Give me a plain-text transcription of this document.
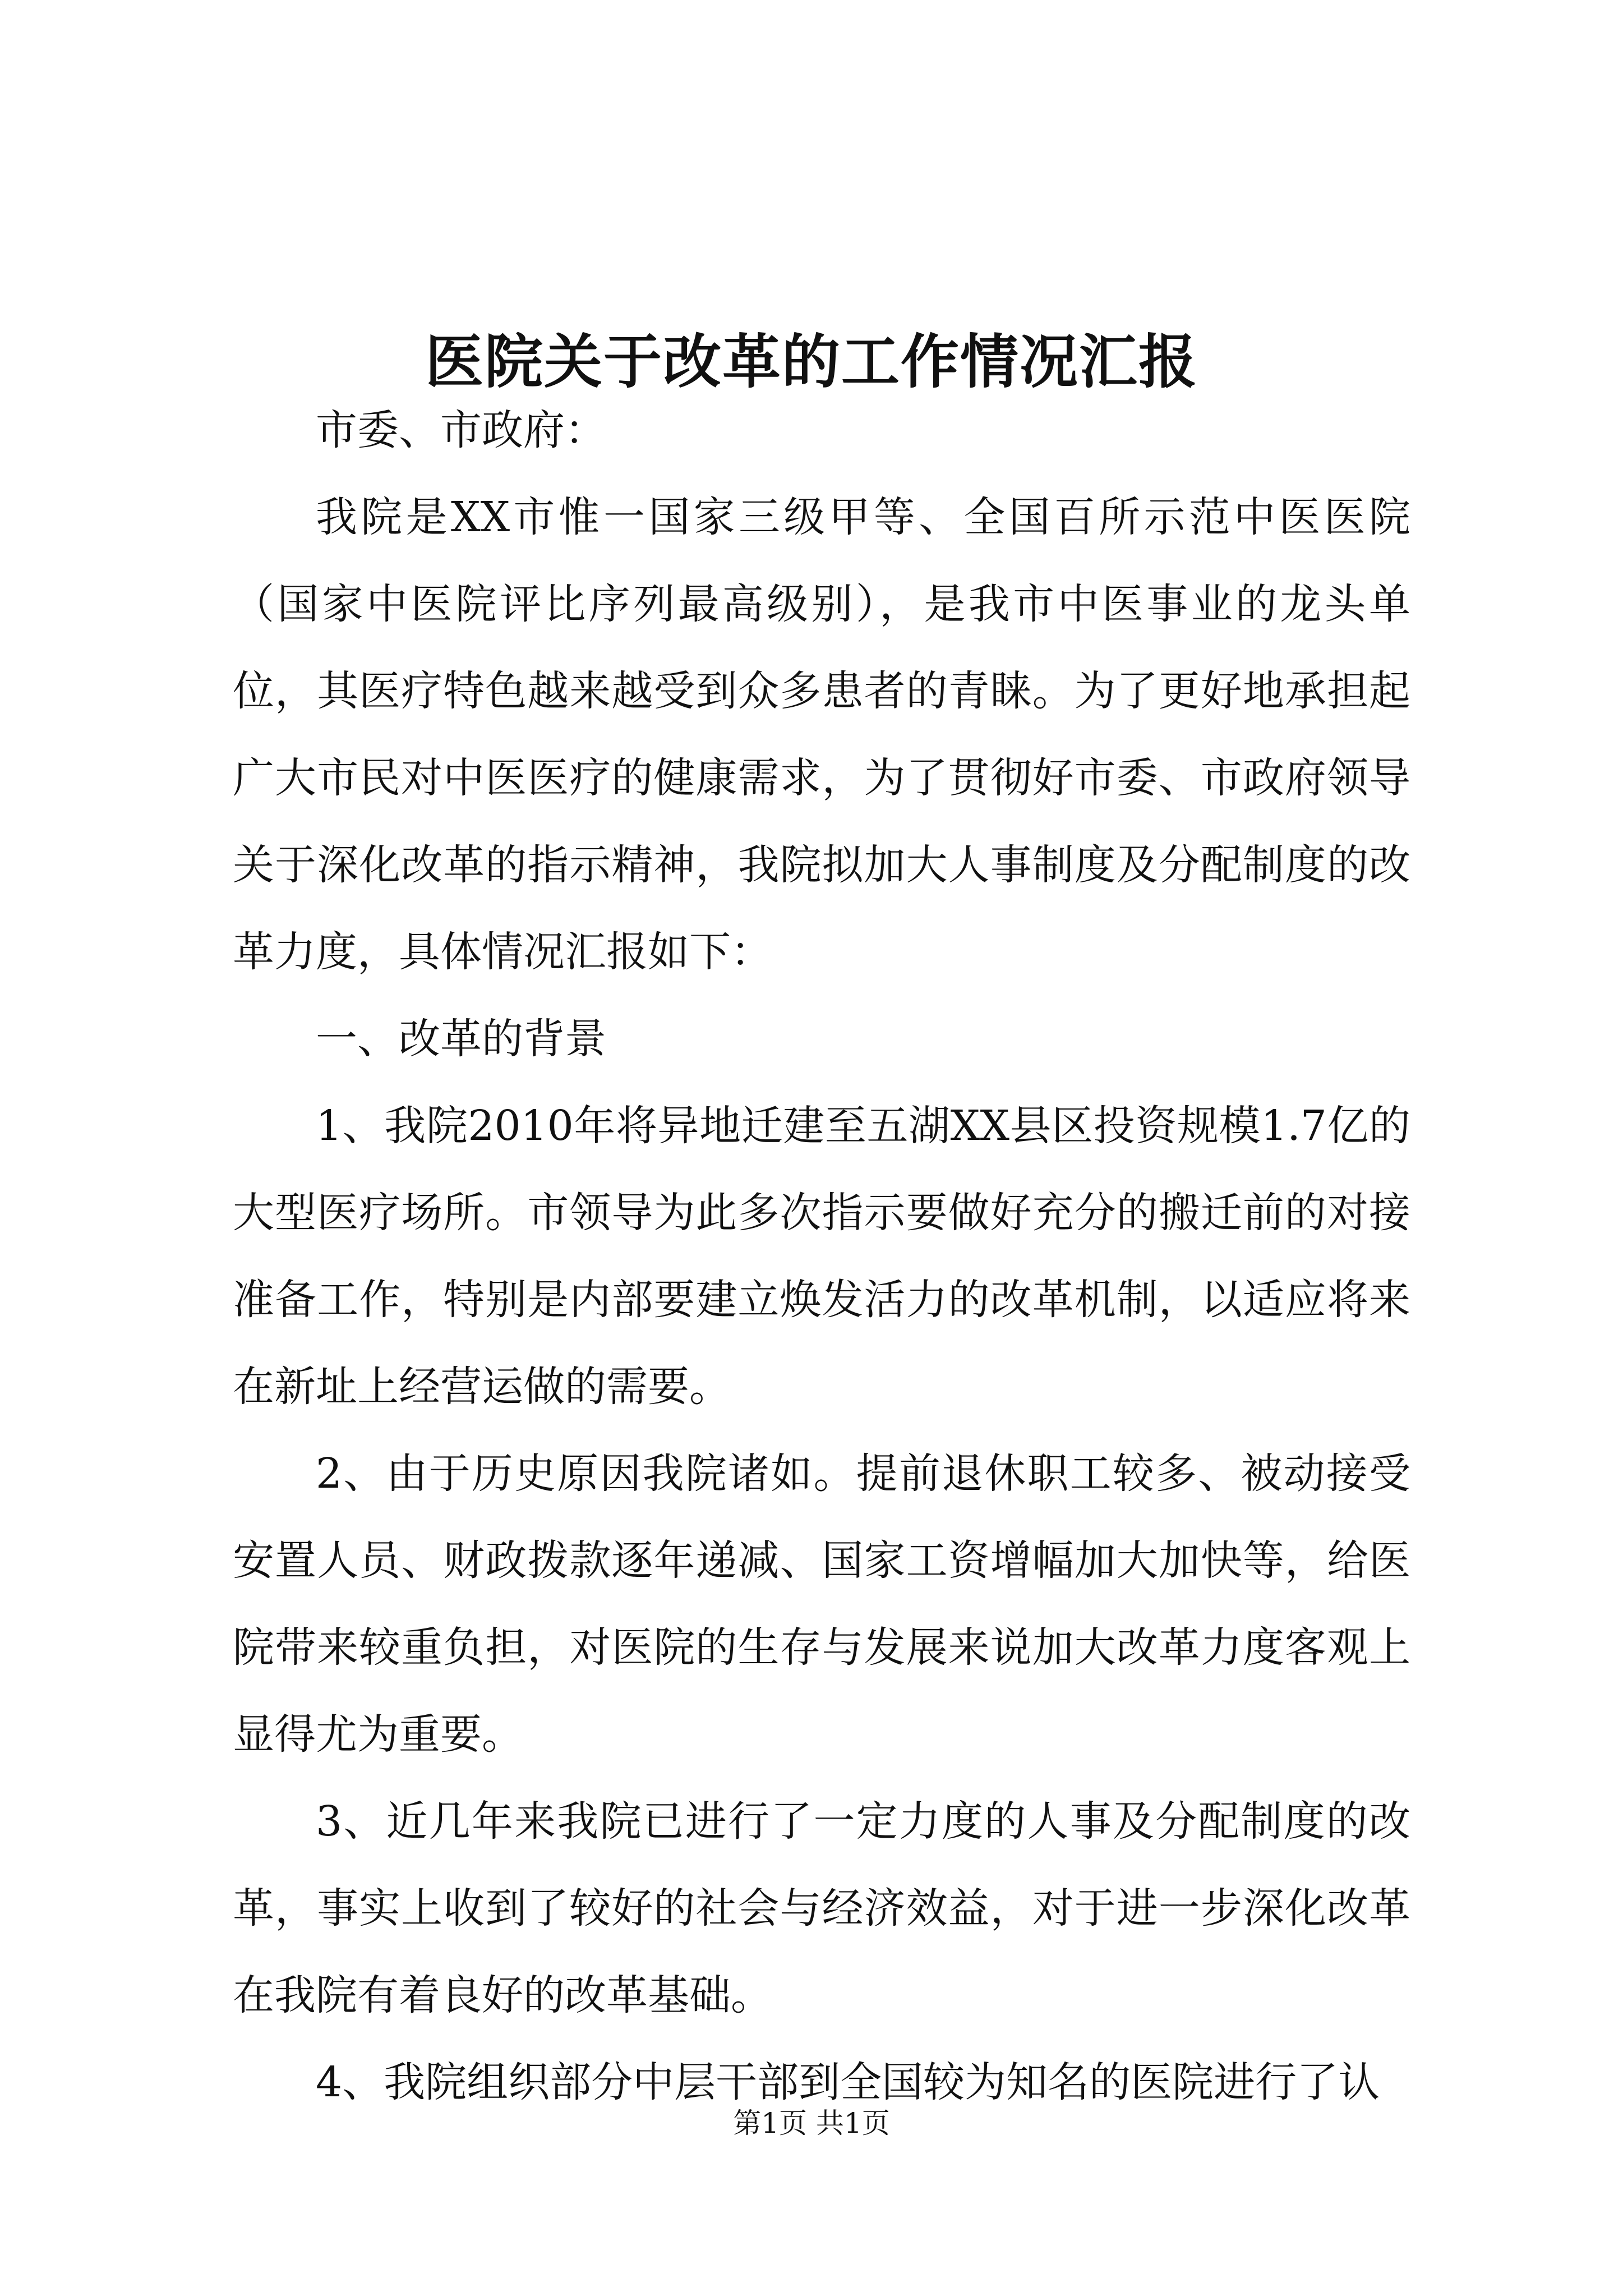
医院关于改革的工作情况汇报

市委、市政府：

我院是XX市惟一国家三级甲等、全国百所示范中医医院（国家中医院评比序列最高级别），是我市中医事业的龙头单位，其医疗特色越来越受到众多患者的青睐。为了更好地承担起广大市民对中医医疗的健康需求，为了贯彻好市委、市政府领导关于深化改革的指示精神，我院拟加大人事制度及分配制度的改革力度，具体情况汇报如下：

一、改革的背景

1、我院2010年将异地迁建至五湖XX县区投资规模1.7亿的大型医疗场所。市领导为此多次指示要做好充分的搬迁前的对接准备工作，特别是内部要建立焕发活力的改革机制，以适应将来在新址上经营运做的需要。

2、由于历史原因我院诸如。提前退休职工较多、被动接受安置人员、财政拨款逐年递减、国家工资增幅加大加快等，给医院带来较重负担，对医院的生存与发展来说加大改革力度客观上显得尤为重要。

3、近几年来我院已进行了一定力度的人事及分配制度的改革，事实上收到了较好的社会与经济效益，对于进一步深化改革在我院有着良好的改革基础。

4、我院组织部分中层干部到全国较为知名的医院进行了认

第1页 共1页
